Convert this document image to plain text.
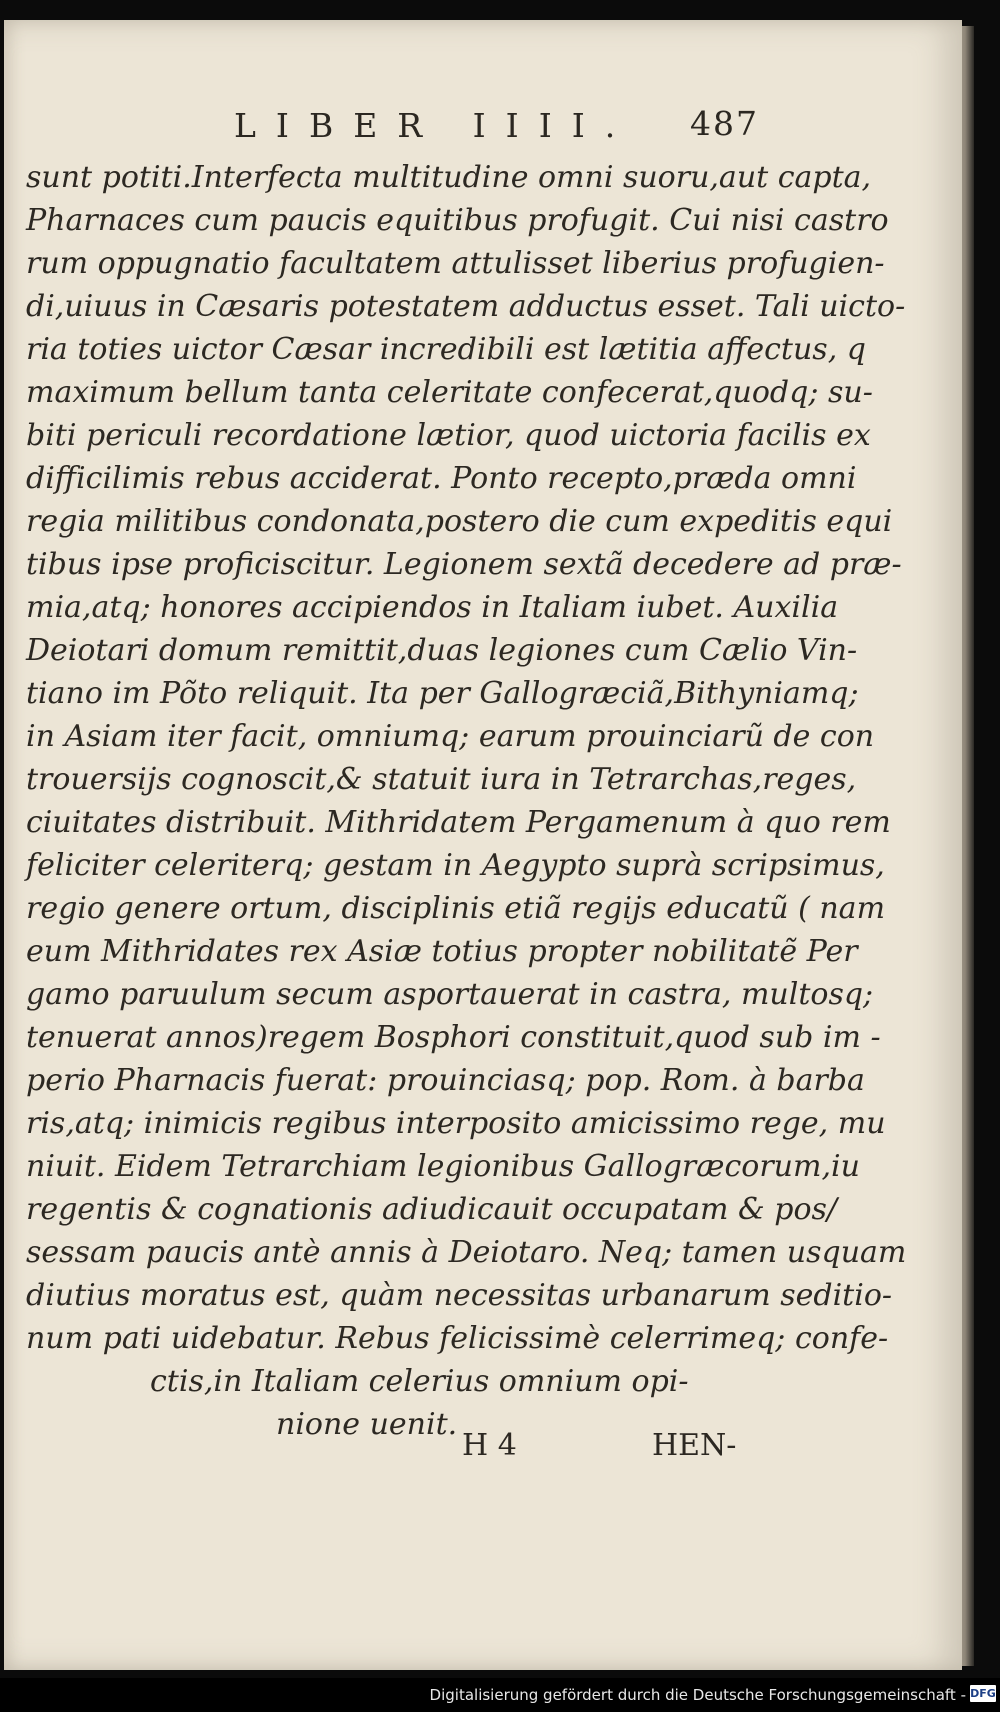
LIBER IIII. 487
sunt potiti.Interfecta multitudine omni suoru,aut capta,
Pharnaces cum paucis equitibus profugit. Cui nisi castro
rum oppugnatio facultatem attulisset liberius profugien-
di,uiuus in Cæsaris potestatem adductus esset. Tali uicto-
ria toties uictor Cæsar incredibili est lætitia affectus, q
maximum bellum tanta celeritate confecerat,quodq; su-
biti periculi recordatione lætior, quod uictoria facilis ex
difficilimis rebus acciderat. Ponto recepto,præda omni
regia militibus condonata,postero die cum expeditis equi
tibus ipse proficiscitur. Legionem sextã decedere ad præ-
mia,atq; honores accipiendos in Italiam iubet. Auxilia
Deiotari domum remittit,duas legiones cum Cælio Vin-
tiano im Põto reliquit. Ita per Gallogræciã,Bithyniamq;
in Asiam iter facit, omniumq; earum prouinciarũ de con
trouersijs cognoscit,& statuit iura in Tetrarchas,reges,
ciuitates distribuit. Mithridatem Pergamenum à quo rem
feliciter celeriterq; gestam in Aegypto suprà scripsimus,
regio genere ortum, disciplinis etiã regijs educatũ ( nam
eum Mithridates rex Asiæ totius propter nobilitatẽ Per
gamo paruulum secum asportauerat in castra, multosq;
tenuerat annos)regem Bosphori constituit,quod sub im -
perio Pharnacis fuerat: prouinciasq; pop. Rom. à barba
ris,atq; inimicis regibus interposito amicissimo rege, mu
niuit. Eidem Tetrarchiam legionibus Gallogræcorum,iu
regentis & cognationis adiudicauit occupatam & pos/
sessam paucis antè annis à Deiotaro. Neq; tamen usquam
diutius moratus est, quàm necessitas urbanarum seditio-
num pati uidebatur. Rebus felicissimè celerrimeq; confe-
ctis,in Italiam celerius omnium opi-
nione uenit.
H 4	HEN-
Digitalisierung gefördert durch die Deutsche Forschungsgemeinschaft - DFG
